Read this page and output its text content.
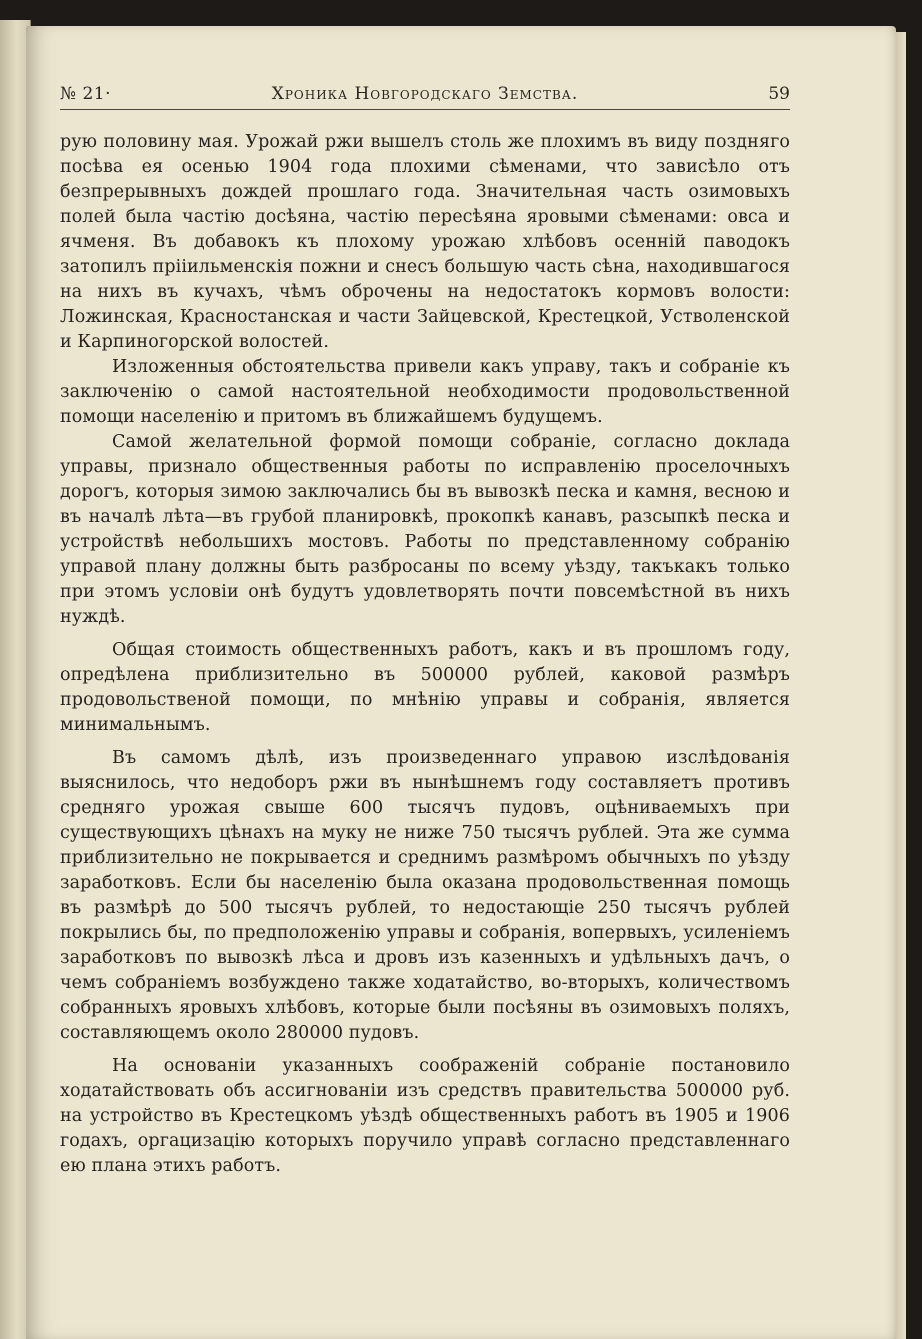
№ 21·	Хроника Новгородскаго Земства.	59

рую половину мая. Урожай ржи вышелъ столь же плохимъ въ виду поздняго посѣва ея осенью 1904 года плохими сѣменами, что зависѣло отъ безпрерывныхъ дождей прошлаго года. Значительная часть озимовыхъ полей была частію досѣяна, частію пересѣяна яровыми сѣменами: овса и ячменя. Въ добавокъ къ плохому урожаю хлѣбовъ осенній паводокъ затопилъ прііильменскія пожни и снесъ большую часть сѣна, находившагося на нихъ въ кучахъ, чѣмъ оброчены на недостатокъ кормовъ волости: Ложинская, Красностанская и части Зайцевской, Крестецкой, Устволенской и Карпиногорской волостей.

Изложенныя обстоятельства привели какъ управу, такъ и собраніе къ заключенію о самой настоятельной необходимости продовольственной помощи населенію и притомъ въ ближайшемъ будущемъ.

Самой желательной формой помощи собраніе, согласно доклада управы, признало общественныя работы по исправленію проселочныхъ дорогъ, которыя зимою заключались бы въ вывозкѣ песка и камня, весною и въ началѣ лѣта—въ грубой планировкѣ, прокопкѣ канавъ, разсыпкѣ песка и устройствѣ небольшихъ мостовъ. Работы по представленному собранію управой плану должны быть разбросаны по всему уѣзду, такъкакъ только при этомъ условіи онѣ будутъ удовлетворять почти повсемѣстной въ нихъ нуждѣ.

Общая стоимость общественныхъ работъ, какъ и въ прошломъ году, опредѣлена приблизительно въ 500000 рублей, каковой размѣръ продовольственой помощи, по мнѣнію управы и собранія, является минимальнымъ.

Въ самомъ дѣлѣ, изъ произведеннаго управою изслѣдованія выяснилось, что недоборъ ржи въ нынѣшнемъ году составляетъ противъ средняго урожая свыше 600 тысячъ пудовъ, оцѣниваемыхъ при существующихъ цѣнахъ на муку не ниже 750 тысячъ рублей. Эта же сумма приблизительно не покрывается и среднимъ размѣромъ обычныхъ по уѣзду заработковъ. Если бы населенію была оказана продовольственная помощь въ размѣрѣ до 500 тысячъ рублей, то недостающіе 250 тысячъ рублей покрылись бы, по предположенію управы и собранія, вопервыхъ, усиленіемъ заработковъ по вывозкѣ лѣса и дровъ изъ казенныхъ и удѣльныхъ дачъ, о чемъ собраніемъ возбуждено также ходатайство, во-вторыхъ, количествомъ собранныхъ яровыхъ хлѣбовъ, которые были посѣяны въ озимовыхъ поляхъ, составляющемъ около 280000 пудовъ.

На основаніи указанныхъ соображеній собраніе постановило ходатайствовать объ ассигнованіи изъ средствъ правительства 500000 руб. на устройство въ Крестецкомъ уѣздѣ общественныхъ работъ въ 1905 и 1906 годахъ, оргацизацію которыхъ поручило управѣ согласно представленнаго ею плана этихъ работъ.
